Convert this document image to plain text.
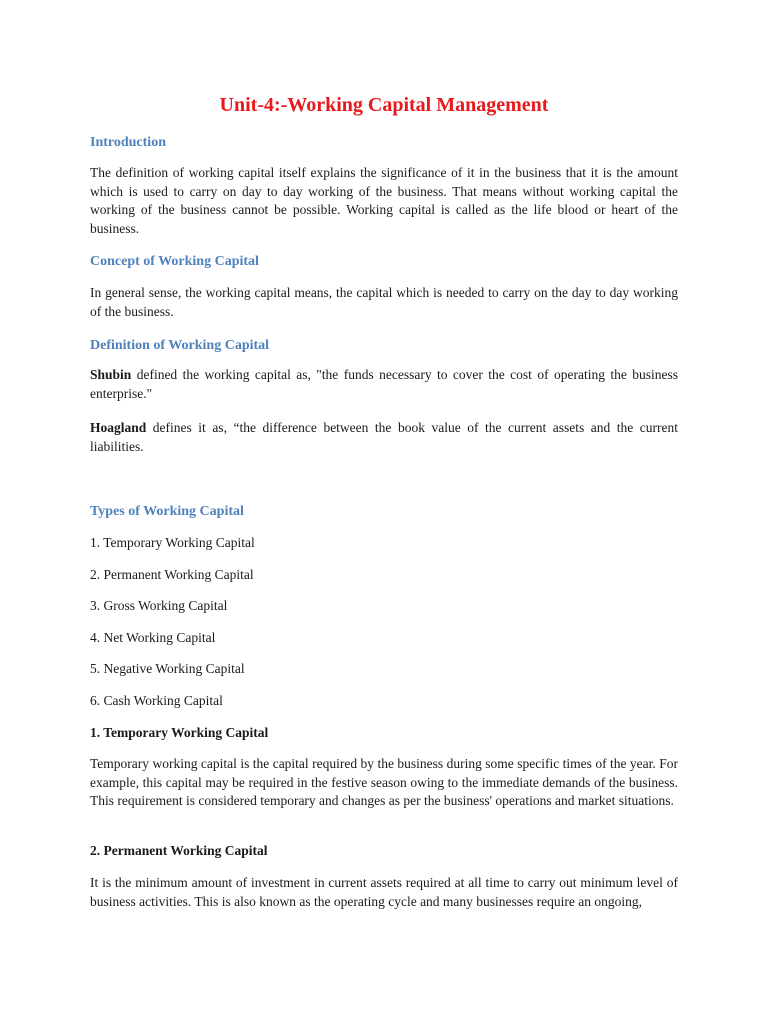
Unit-4:-Working Capital Management
Introduction
The definition of working capital itself explains the significance of it in the business that it is the amount which is used to carry on day to day working of the business. That means without working capital the working of the business cannot be possible. Working capital is called as the life blood or heart of the business.
Concept of Working Capital
In general sense, the working capital means, the capital which is needed to carry on the day to day working of the business.
Definition of Working Capital
Shubin defined the working capital as, "the funds necessary to cover the cost of operating the business enterprise."
Hoagland defines it as, “the difference between the book value of the current assets and the current liabilities.
Types of Working Capital
1. Temporary Working Capital
2. Permanent Working Capital
3. Gross Working Capital
4. Net Working Capital
5. Negative Working Capital
6. Cash Working Capital
1. Temporary Working Capital
Temporary working capital is the capital required by the business during some specific times of the year. For example, this capital may be required in the festive season owing to the immediate demands of the business. This requirement is considered temporary and changes as per the business' operations and market situations.
2. Permanent Working Capital
It is the minimum amount of investment in current assets required at all time to carry out minimum level of business activities. This is also known as the operating cycle and many businesses require an ongoing,
